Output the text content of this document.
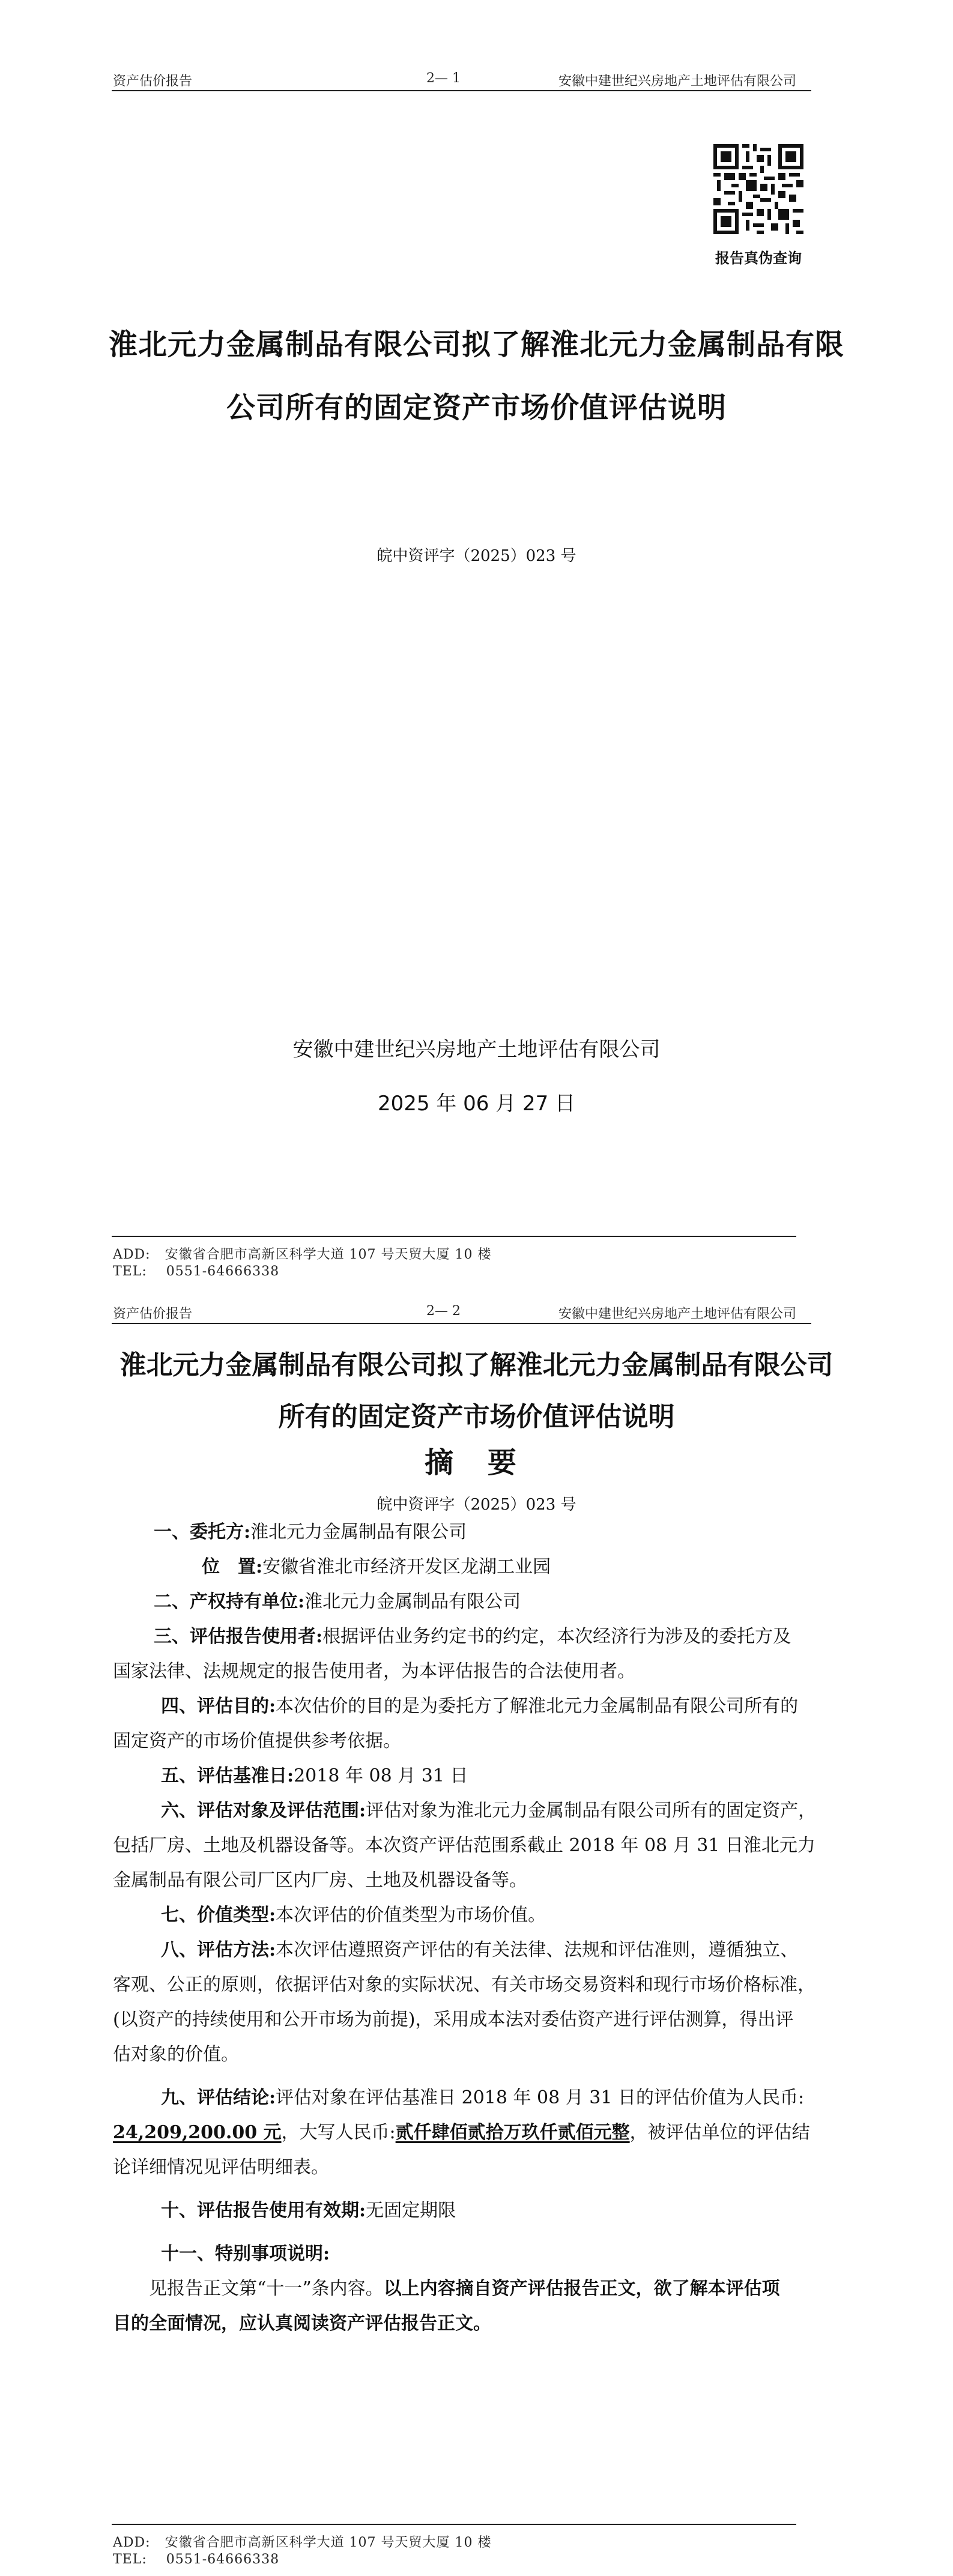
资产估价报告	2— 1	安徽中建世纪兴房地产土地评估有限公司
报告真伪查询
淮北元力金属制品有限公司拟了解淮北元力金属制品有限
公司所有的固定资产市场价值评估说明
皖中资评字（2025）023 号
安徽中建世纪兴房地产土地评估有限公司
2025 年 06 月 27 日
ADD: 安徽省合肥市高新区科学大道 107 号天贸大厦 10 楼
TEL: 0551-64666338
资产估价报告	2— 2	安徽中建世纪兴房地产土地评估有限公司
淮北元力金属制品有限公司拟了解淮北元力金属制品有限公司
所有的固定资产市场价值评估说明
摘 要
皖中资评字（2025）023 号

一、委托方:淮北元力金属制品有限公司

位　置:安徽省淮北市经济开发区龙湖工业园

二、产权持有单位:淮北元力金属制品有限公司

三、评估报告使用者:根据评估业务约定书的约定，本次经济行为涉及的委托方及

国家法律、法规规定的报告使用者，为本评估报告的合法使用者。

四、评估目的:本次估价的目的是为委托方了解淮北元力金属制品有限公司所有的

固定资产的市场价值提供参考依据。

五、评估基准日:2018 年 08 月 31 日

六、评估对象及评估范围:评估对象为淮北元力金属制品有限公司所有的固定资产，

包括厂房、土地及机器设备等。本次资产评估范围系截止 2018 年 08 月 31 日淮北元力

金属制品有限公司厂区内厂房、土地及机器设备等。

七、价值类型:本次评估的价值类型为市场价值。

八、评估方法:本次评估遵照资产评估的有关法律、法规和评估准则，遵循独立、

客观、公正的原则，依据评估对象的实际状况、有关市场交易资料和现行市场价格标准，

(以资产的持续使用和公开市场为前提)，采用成本法对委估资产进行评估测算，得出评

估对象的价值。

九、评估结论:评估对象在评估基准日 2018 年 08 月 31 日的评估价值为人民币:

24,209,200.00 元，大写人民币:贰仟肆佰贰拾万玖仟贰佰元整，被评估单位的评估结

论详细情况见评估明细表。

十、评估报告使用有效期:无固定期限

十一、特别事项说明:

见报告正文第“十一”条内容。以上内容摘自资产评估报告正文，欲了解本评估项

目的全面情况，应认真阅读资产评估报告正文。

ADD: 安徽省合肥市高新区科学大道 107 号天贸大厦 10 楼
TEL: 0551-64666338
